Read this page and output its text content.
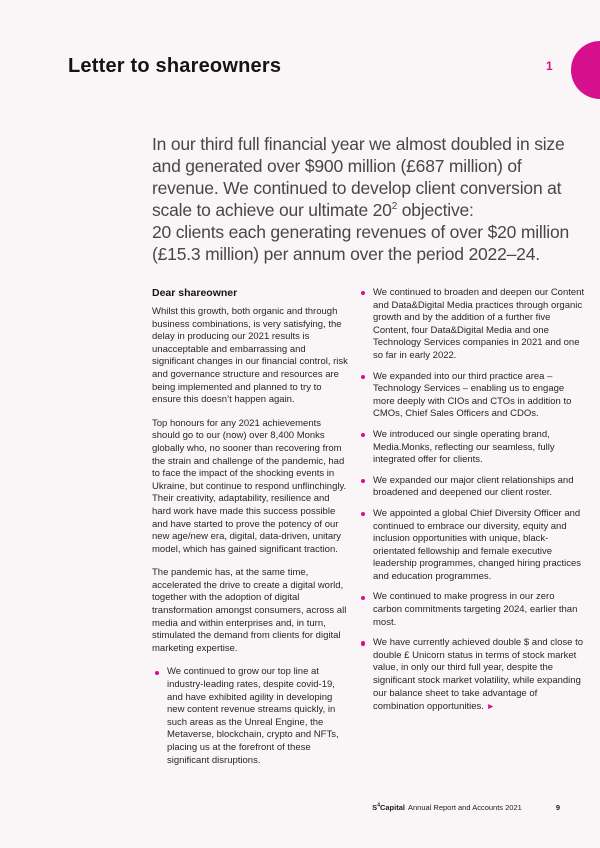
Letter to shareowners	1

In our third full financial year we almost doubled in size and generated over $900 million (£687 million) of revenue. We continued to develop client conversion at scale to achieve our ultimate $20^2$ objective:
20 clients each generating revenues of over $20 million (£15.3 million) per annum over the period 2022–24.

Dear shareowner

Whilst this growth, both organic and through business combinations, is very satisfying, the delay in producing our 2021 results is unacceptable and embarrassing and significant changes in our financial control, risk and governance structure and resources are being implemented and planned to try to ensure this doesn’t happen again.

Top honours for any 2021 achievements should go to our (now) over 8,400 Monks globally who, no sooner than recovering from the strain and challenge of the pandemic, had to face the impact of the shocking events in Ukraine, but continue to respond unflinchingly. Their creativity, adaptability, resilience and hard work have made this success possible and have started to prove the potency of our new age/new era, digital, data-driven, unitary model, which has gained significant traction.

The pandemic has, at the same time, accelerated the drive to create a digital world, together with the adoption of digital transformation amongst consumers, across all media and within enterprises and, in turn, stimulated the demand from clients for digital marketing expertise.

We continued to grow our top line at industry-leading rates, despite covid-19, and have exhibited agility in developing new content revenue streams quickly, in such areas as the Unreal Engine, the Metaverse, blockchain, crypto and NFTs, placing us at the forefront of these significant disruptions.
We continued to broaden and deepen our Content and Data&Digital Media practices through organic growth and by the addition of a further five Content, four Data&Digital Media and one Technology Services companies in 2021 and one so far in early 2022.
We expanded into our third practice area – Technology Services – enabling us to engage more deeply with CIOs and CTOs in addition to CMOs, Chief Sales Officers and CDOs.
We introduced our single operating brand, Media.Monks, reflecting our seamless, fully integrated offer for clients.
We expanded our major client relationships and broadened and deepened our client roster.
We appointed a global Chief Diversity Officer and continued to embrace our diversity, equity and inclusion opportunities with unique, black-orientated fellowship and female executive leadership programmes, changed hiring practices and education programmes.
We continued to make progress in our zero carbon commitments targeting 2024, earlier than most.
We have currently achieved double $ and close to double £ Unicorn status in terms of stock market value, in only our third full year, despite the significant stock market volatility, while expanding our balance sheet to take advantage of combination opportunities. ►
$S^4Capital$ Annual Report and Accounts 2021	9
